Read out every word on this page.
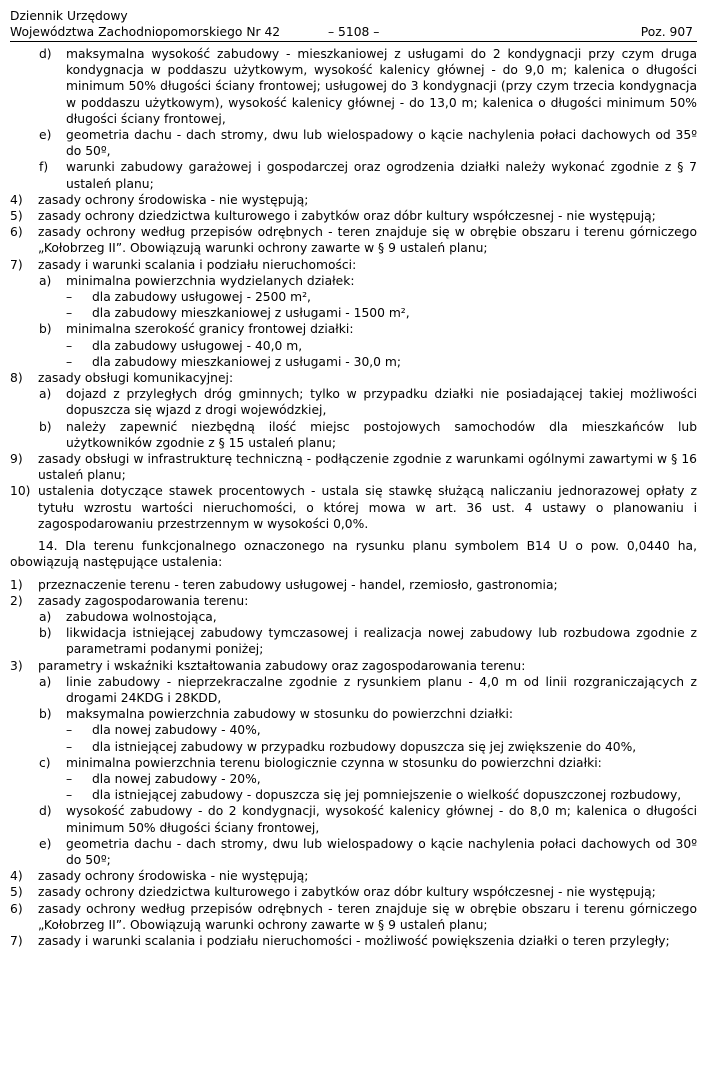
Dziennik Urzędowy
Województwa Zachodniopomorskiego Nr 42	– 5108 –	Poz. 907
d) maksymalna wysokość zabudowy - mieszkaniowej z usługami do 2 kondygnacji przy czym druga kondygnacja w poddaszu użytkowym, wysokość kalenicy głównej - do 9,0 m; kalenica o długości minimum 50% długości ściany frontowej; usługowej do 3 kondygnacji (przy czym trzecia kondygnacja w poddaszu użytkowym), wysokość kalenicy głównej - do 13,0 m; kalenica o długości minimum 50% długości ściany frontowej,
e) geometria dachu - dach stromy, dwu lub wielospadowy o kącie nachylenia połaci dachowych od 35º do 50º,
f) warunki zabudowy garażowej i gospodarczej oraz ogrodzenia działki należy wykonać zgodnie z § 7 ustaleń planu;
4) zasady ochrony środowiska - nie występują;
5) zasady ochrony dziedzictwa kulturowego i zabytków oraz dóbr kultury współczesnej - nie występują;
6) zasady ochrony według przepisów odrębnych - teren znajduje się w obrębie obszaru i terenu górniczego „Kołobrzeg II”. Obowiązują warunki ochrony zawarte w § 9 ustaleń planu;
7) zasady i warunki scalania i podziału nieruchomości:
a) minimalna powierzchnia wydzielanych działek:
– dla zabudowy usługowej - 2500 m²,
– dla zabudowy mieszkaniowej z usługami - 1500 m²,
b) minimalna szerokość granicy frontowej działki:
– dla zabudowy usługowej - 40,0 m,
– dla zabudowy mieszkaniowej z usługami - 30,0 m;
8) zasady obsługi komunikacyjnej:
a) dojazd z przyległych dróg gminnych; tylko w przypadku działki nie posiadającej takiej możliwości dopuszcza się wjazd z drogi wojewódzkiej,
b) należy zapewnić niezbędną ilość miejsc postojowych samochodów dla mieszkańców lub użytkowników zgodnie z § 15 ustaleń planu;
9) zasady obsługi w infrastrukturę techniczną - podłączenie zgodnie z warunkami ogólnymi zawartymi w § 16 ustaleń planu;
10) ustalenia dotyczące stawek procentowych - ustala się stawkę służącą naliczaniu jednorazowej opłaty z tytułu wzrostu wartości nieruchomości, o której mowa w art. 36 ust. 4 ustawy o planowaniu i zagospodarowaniu przestrzennym w wysokości 0,0%.
14. Dla terenu funkcjonalnego oznaczonego na rysunku planu symbolem B14 U o pow. 0,0440 ha, obowiązują następujące ustalenia:
1) przeznaczenie terenu - teren zabudowy usługowej - handel, rzemiosło, gastronomia;
2) zasady zagospodarowania terenu:
a) zabudowa wolnostojąca,
b) likwidacja istniejącej zabudowy tymczasowej i realizacja nowej zabudowy lub rozbudowa zgodnie z parametrami podanymi poniżej;
3) parametry i wskaźniki kształtowania zabudowy oraz zagospodarowania terenu:
a) linie zabudowy - nieprzekraczalne zgodnie z rysunkiem planu - 4,0 m od linii rozgraniczających z drogami 24KDG i 28KDD,
b) maksymalna powierzchnia zabudowy w stosunku do powierzchni działki:
– dla nowej zabudowy - 40%,
– dla istniejącej zabudowy w przypadku rozbudowy dopuszcza się jej zwiększenie do 40%,
c) minimalna powierzchnia terenu biologicznie czynna w stosunku do powierzchni działki:
– dla nowej zabudowy - 20%,
– dla istniejącej zabudowy - dopuszcza się jej pomniejszenie o wielkość dopuszczonej rozbudowy,
d) wysokość zabudowy - do 2 kondygnacji, wysokość kalenicy głównej - do 8,0 m; kalenica o długości minimum 50% długości ściany frontowej,
e) geometria dachu - dach stromy, dwu lub wielospadowy o kącie nachylenia połaci dachowych od 30º do 50º;
4) zasady ochrony środowiska - nie występują;
5) zasady ochrony dziedzictwa kulturowego i zabytków oraz dóbr kultury współczesnej - nie występują;
6) zasady ochrony według przepisów odrębnych - teren znajduje się w obrębie obszaru i terenu górniczego „Kołobrzeg II”. Obowiązują warunki ochrony zawarte w § 9 ustaleń planu;
7) zasady i warunki scalania i podziału nieruchomości - możliwość powiększenia działki o teren przyległy;
